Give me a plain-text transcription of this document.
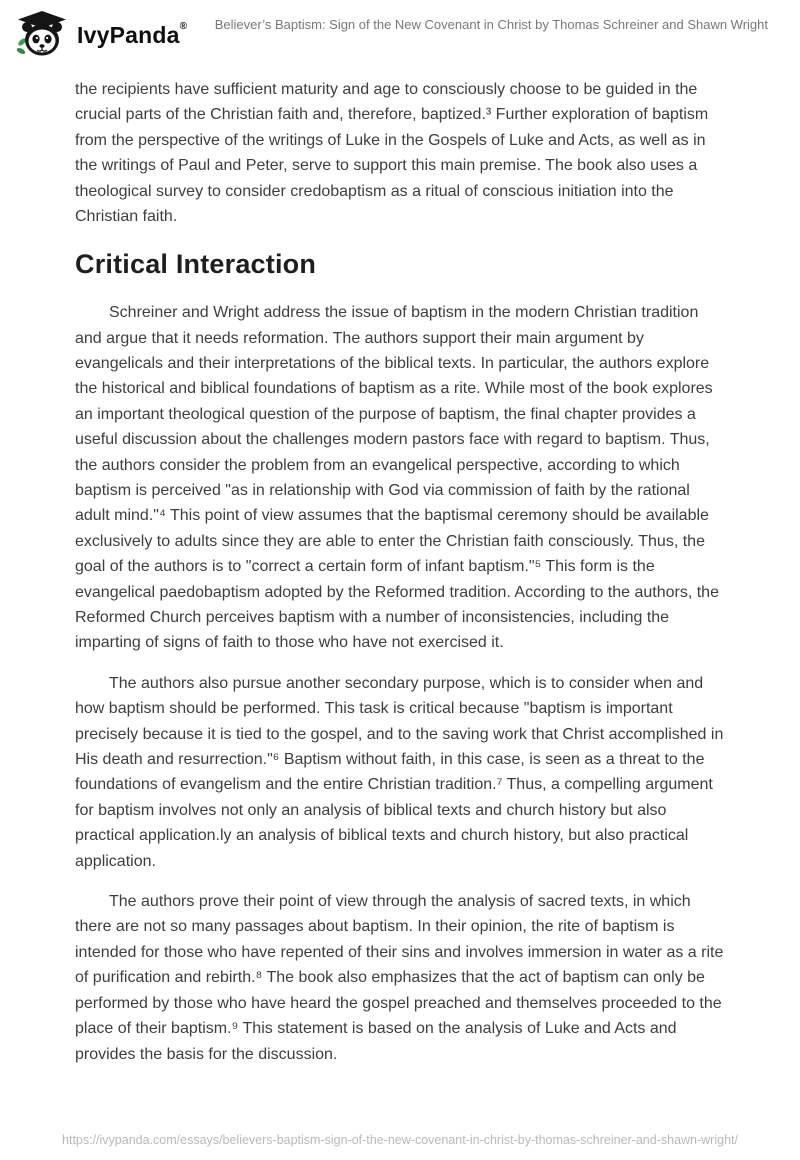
IvyPanda® Believer’s Baptism: Sign of the New Covenant in Christ by Thomas Schreiner and Shawn Wright

the recipients have sufficient maturity and age to consciously choose to be guided in the crucial parts of the Christian faith and, therefore, baptized.³ Further exploration of baptism from the perspective of the writings of Luke in the Gospels of Luke and Acts, as well as in the writings of Paul and Peter, serve to support this main premise. The book also uses a theological survey to consider credobaptism as a ritual of conscious initiation into the Christian faith.

Critical Interaction

Schreiner and Wright address the issue of baptism in the modern Christian tradition and argue that it needs reformation. The authors support their main argument by evangelicals and their interpretations of the biblical texts. In particular, the authors explore the historical and biblical foundations of baptism as a rite. While most of the book explores an important theological question of the purpose of baptism, the final chapter provides a useful discussion about the challenges modern pastors face with regard to baptism. Thus, the authors consider the problem from an evangelical perspective, according to which baptism is perceived "as in relationship with God via commission of faith by the rational adult mind."⁴ This point of view assumes that the baptismal ceremony should be available exclusively to adults since they are able to enter the Christian faith consciously. Thus, the goal of the authors is to "correct a certain form of infant baptism."⁵ This form is the evangelical paedobaptism adopted by the Reformed tradition. According to the authors, the Reformed Church perceives baptism with a number of inconsistencies, including the imparting of signs of faith to those who have not exercised it.

The authors also pursue another secondary purpose, which is to consider when and how baptism should be performed. This task is critical because "baptism is important precisely because it is tied to the gospel, and to the saving work that Christ accomplished in His death and resurrection."⁶ Baptism without faith, in this case, is seen as a threat to the foundations of evangelism and the entire Christian tradition.⁷ Thus, a compelling argument for baptism involves not only an analysis of biblical texts and church history but also practical application.ly an analysis of biblical texts and church history, but also practical application.

The authors prove their point of view through the analysis of sacred texts, in which there are not so many passages about baptism. In their opinion, the rite of baptism is intended for those who have repented of their sins and involves immersion in water as a rite of purification and rebirth.⁸ The book also emphasizes that the act of baptism can only be performed by those who have heard the gospel preached and themselves proceeded to the place of their baptism.⁹ This statement is based on the analysis of Luke and Acts and provides the basis for the discussion.

https://ivypanda.com/essays/believers-baptism-sign-of-the-new-covenant-in-christ-by-thomas-schreiner-and-shawn-wright/
